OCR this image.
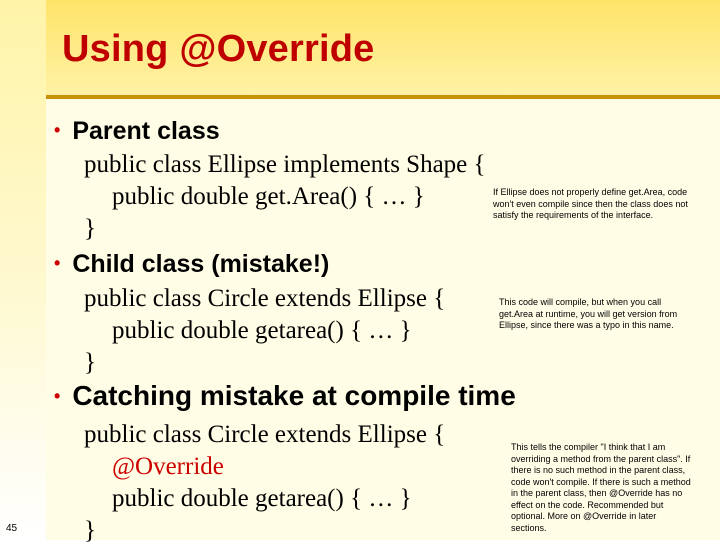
Using @Override
• Parent class
public class Ellipse implements Shape {
public double get.Area() { … }
}
If Ellipse does not properly define get.Area, code won't even compile since then the class does not satisfy the requirements of the interface.
• Child class (mistake!)
public class Circle extends Ellipse {
public double getarea() { … }
}
This code will compile, but when you call get.Area at runtime, you will get version from Ellipse, since there was a typo in this name.
• Catching mistake at compile time
public class Circle extends Ellipse {
@Override
public double getarea() { … }
}
This tells the compiler "I think that I am overriding a method from the parent class". If there is no such method in the parent class, code won't compile. If there is such a method in the parent class, then @Override has no effect on the code. Recommended but optional. More on @Override in later sections.
45
